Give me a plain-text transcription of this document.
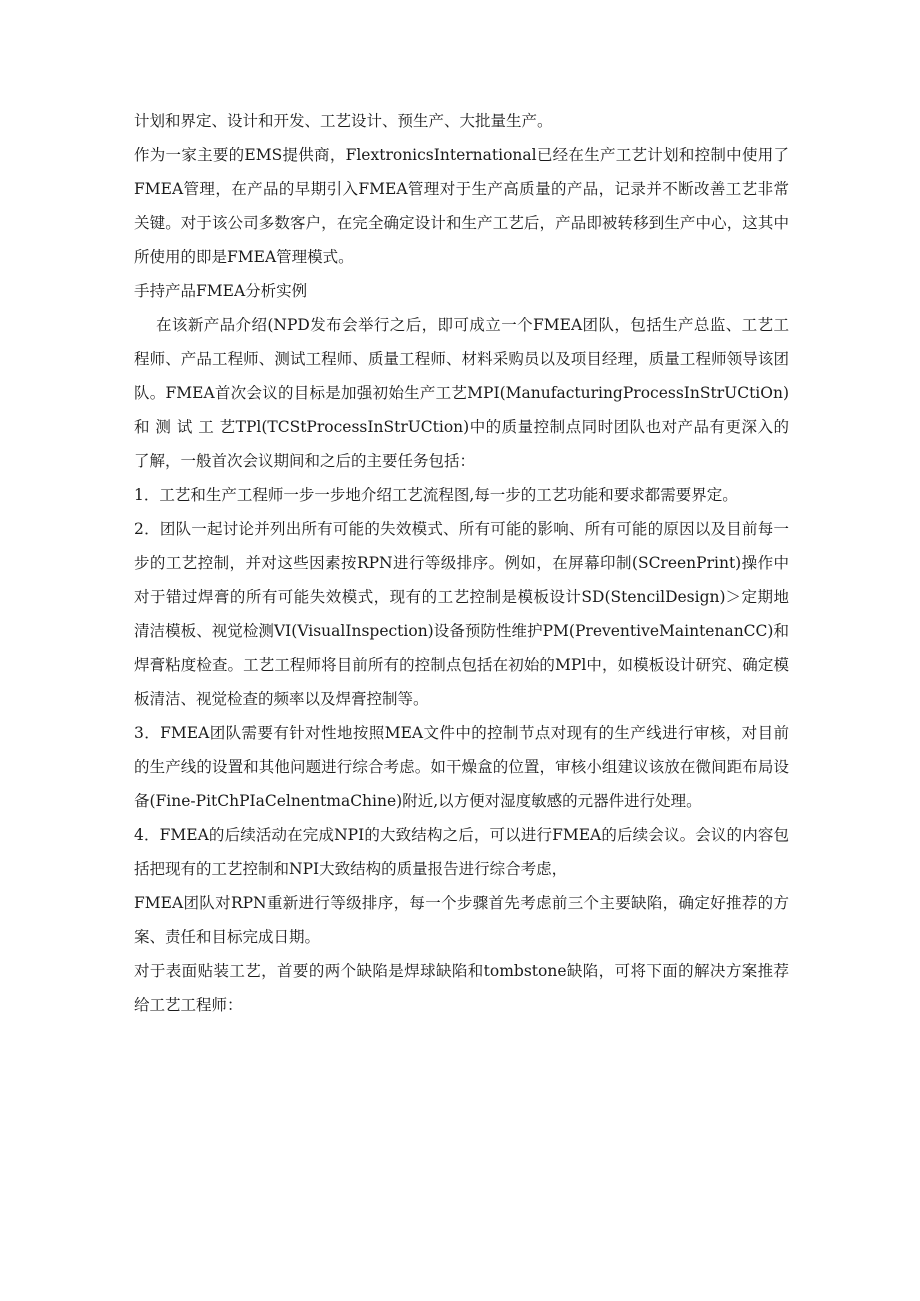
计划和界定、设计和开发、工艺设计、预生产、大批量生产。

作为一家主要的EMS提供商，FlextronicsInternational已经在生产工艺计划和控制中使用了FMEA管理，在产品的早期引入FMEA管理对于生产高质量的产品，记录并不断改善工艺非常关键。对于该公司多数客户，在完全确定设计和生产工艺后，产品即被转移到生产中心，这其中所使用的即是FMEA管理模式。

手持产品FMEA分析实例

在该新产品介绍(NPD发布会举行之后，即可成立一个FMEA团队，包括生产总监、工艺工程师、产品工程师、测试工程师、质量工程师、材料采购员以及项目经理，质量工程师领导该团队。FMEA首次会议的目标是加强初始生产工艺MPI(ManufacturingProcessInStrUCtiOn) 和 测 试 工 艺TPl(TCStProcessInStrUCtion)中的质量控制点同时团队也对产品有更深入的了解，一般首次会议期间和之后的主要任务包括：

1．工艺和生产工程师一步一步地介绍工艺流程图,每一步的工艺功能和要求都需要界定。

2．团队一起讨论并列出所有可能的失效模式、所有可能的影响、所有可能的原因以及目前每一步的工艺控制，并对这些因素按RPN进行等级排序。例如，在屏幕印制(SCreenPrint)操作中对于错过焊膏的所有可能失效模式，现有的工艺控制是模板设计SD(StencilDesign)＞定期地清洁模板、视觉检测VI(VisualInspection)设备预防性维护PM(PreventiveMaintenanCC)和焊膏粘度检查。工艺工程师将目前所有的控制点包括在初始的MPl中，如模板设计研究、确定模板清洁、视觉检查的频率以及焊膏控制等。

3．FMEA团队需要有针对性地按照MEA文件中的控制节点对现有的生产线进行审核，对目前的生产线的设置和其他问题进行综合考虑。如干燥盒的位置，审核小组建议该放在微间距布局设备(Fine-PitChPIaCelnentmaChine)附近,以方便对湿度敏感的元器件进行处理。

4．FMEA的后续活动在完成NPI的大致结构之后，可以进行FMEA的后续会议。会议的内容包括把现有的工艺控制和NPI大致结构的质量报告进行综合考虑，

FMEA团队对RPN重新进行等级排序，每一个步骤首先考虑前三个主要缺陷，确定好推荐的方案、责任和目标完成日期。

对于表面贴装工艺，首要的两个缺陷是焊球缺陷和tombstone缺陷，可将下面的解决方案推荐给工艺工程师：
